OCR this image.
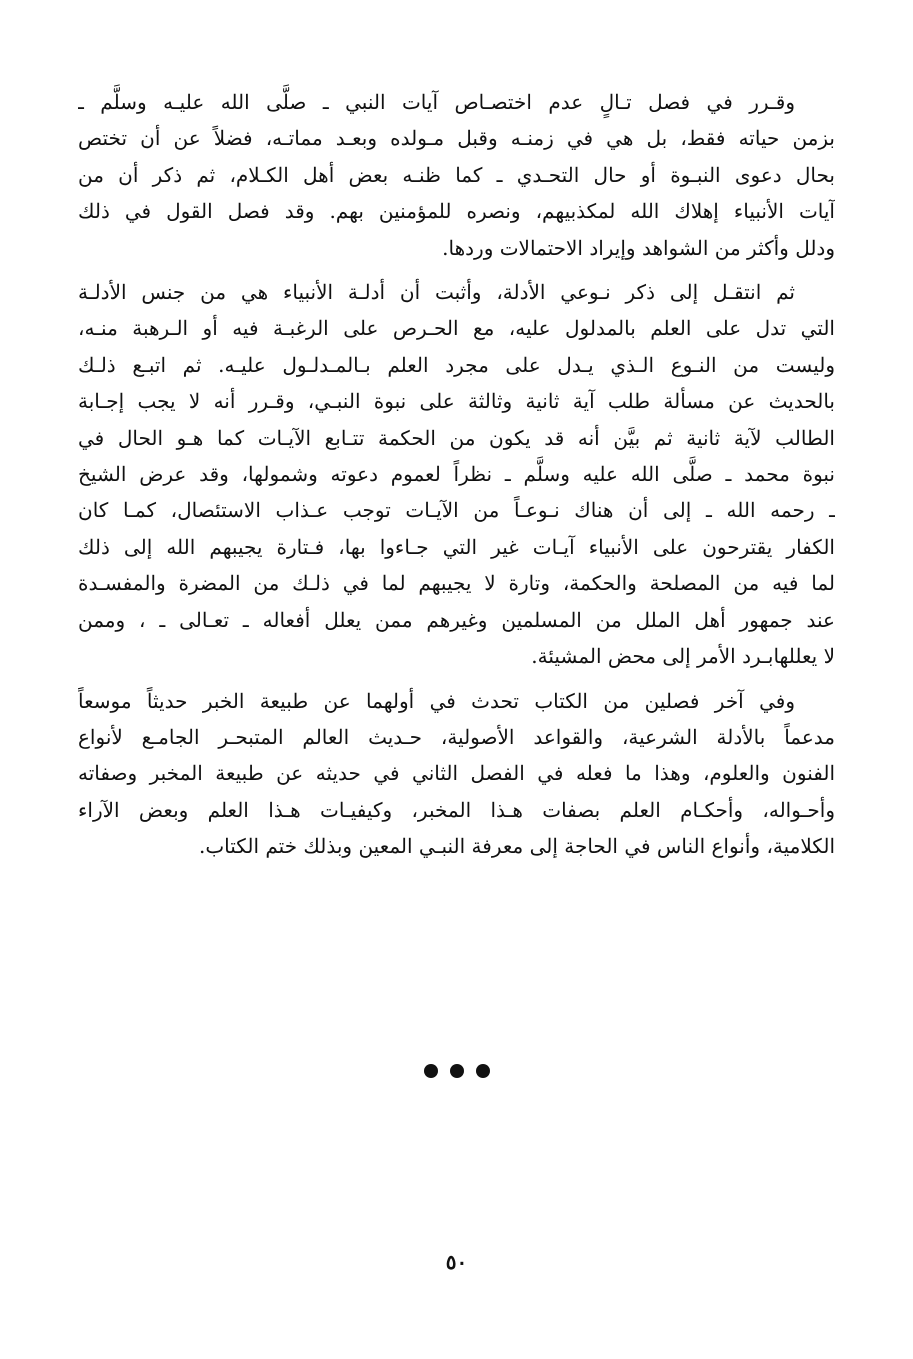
وقـرر في فصل تـالٍ عدم اختصـاص آيات النبي ـ صلَّى الله عليـه وسلَّم ـ
بزمن حياته فقط، بل هي في زمنـه وقبل مـولده وبعـد مماتـه، فضلاً عن أن تختص
بحال دعوى النبـوة أو حال التحـدي ـ كما ظنـه بعض أهل الكـلام، ثم ذكر أن من
آيات الأنبياء إهلاك الله لمكذبيهم، ونصره للمؤمنين بهم. وقد فصل القول في ذلك
ودلل وأكثر من الشواهد وإيراد الاحتمالات وردها.

ثم انتقـل إلى ذكر نـوعي الأدلة، وأثبت أن أدلـة الأنبياء هي من جنس الأدلـة
التي تدل على العلم بالمدلول عليه، مع الحـرص على الرغبـة فيه أو الـرهبة منـه،
وليست من النـوع الـذي يـدل على مجرد العلم بـالمـدلـول عليـه. ثم اتبـع ذلـك
بالحديث عن مسألة طلب آية ثانية وثالثة على نبوة النبـي، وقـرر أنه لا يجب إجـابة
الطالب لآية ثانية ثم بيَّن أنه قد يكون من الحكمة تتـابع الآيـات كما هـو الحال في
نبوة محمد ـ صلَّى الله عليه وسلَّم ـ نظراً لعموم دعوته وشمولها، وقد عرض الشيخ
ـ رحمه الله ـ إلى أن هناك نـوعـاً من الآيـات توجب عـذاب الاستئصال، كمـا كان
الكفار يقترحون على الأنبياء آيـات غير التي جـاءوا بها، فـتارة يجيبهم الله إلى ذلك
لما فيه من المصلحة والحكمة، وتارة لا يجيبهم لما في ذلـك من المضرة والمفسـدة
عند جمهور أهل الملل من المسلمين وغيرهم ممن يعلل أفعاله ـ تعـالى ـ ، وممن
لا يعللهابـرد الأمر إلى محض المشيئة.

وفي آخر فصلين من الكتاب تحدث في أولهما عن طبيعة الخبر حديثاً موسعاً
مدعماً بالأدلة الشرعية، والقواعد الأصولية، حـديث العالم المتبحـر الجامـع لأنواع
الفنون والعلوم، وهذا ما فعله في الفصل الثاني في حديثه عن طبيعة المخبر وصفاته
وأحـواله، وأحكـام العلم بصفات هـذا المخبر، وكيفيـات هـذا العلم وبعض الآراء
الكلامية، وأنواع الناس في الحاجة إلى معرفة النبـي المعين وبذلك ختم الكتاب.

٥٠
